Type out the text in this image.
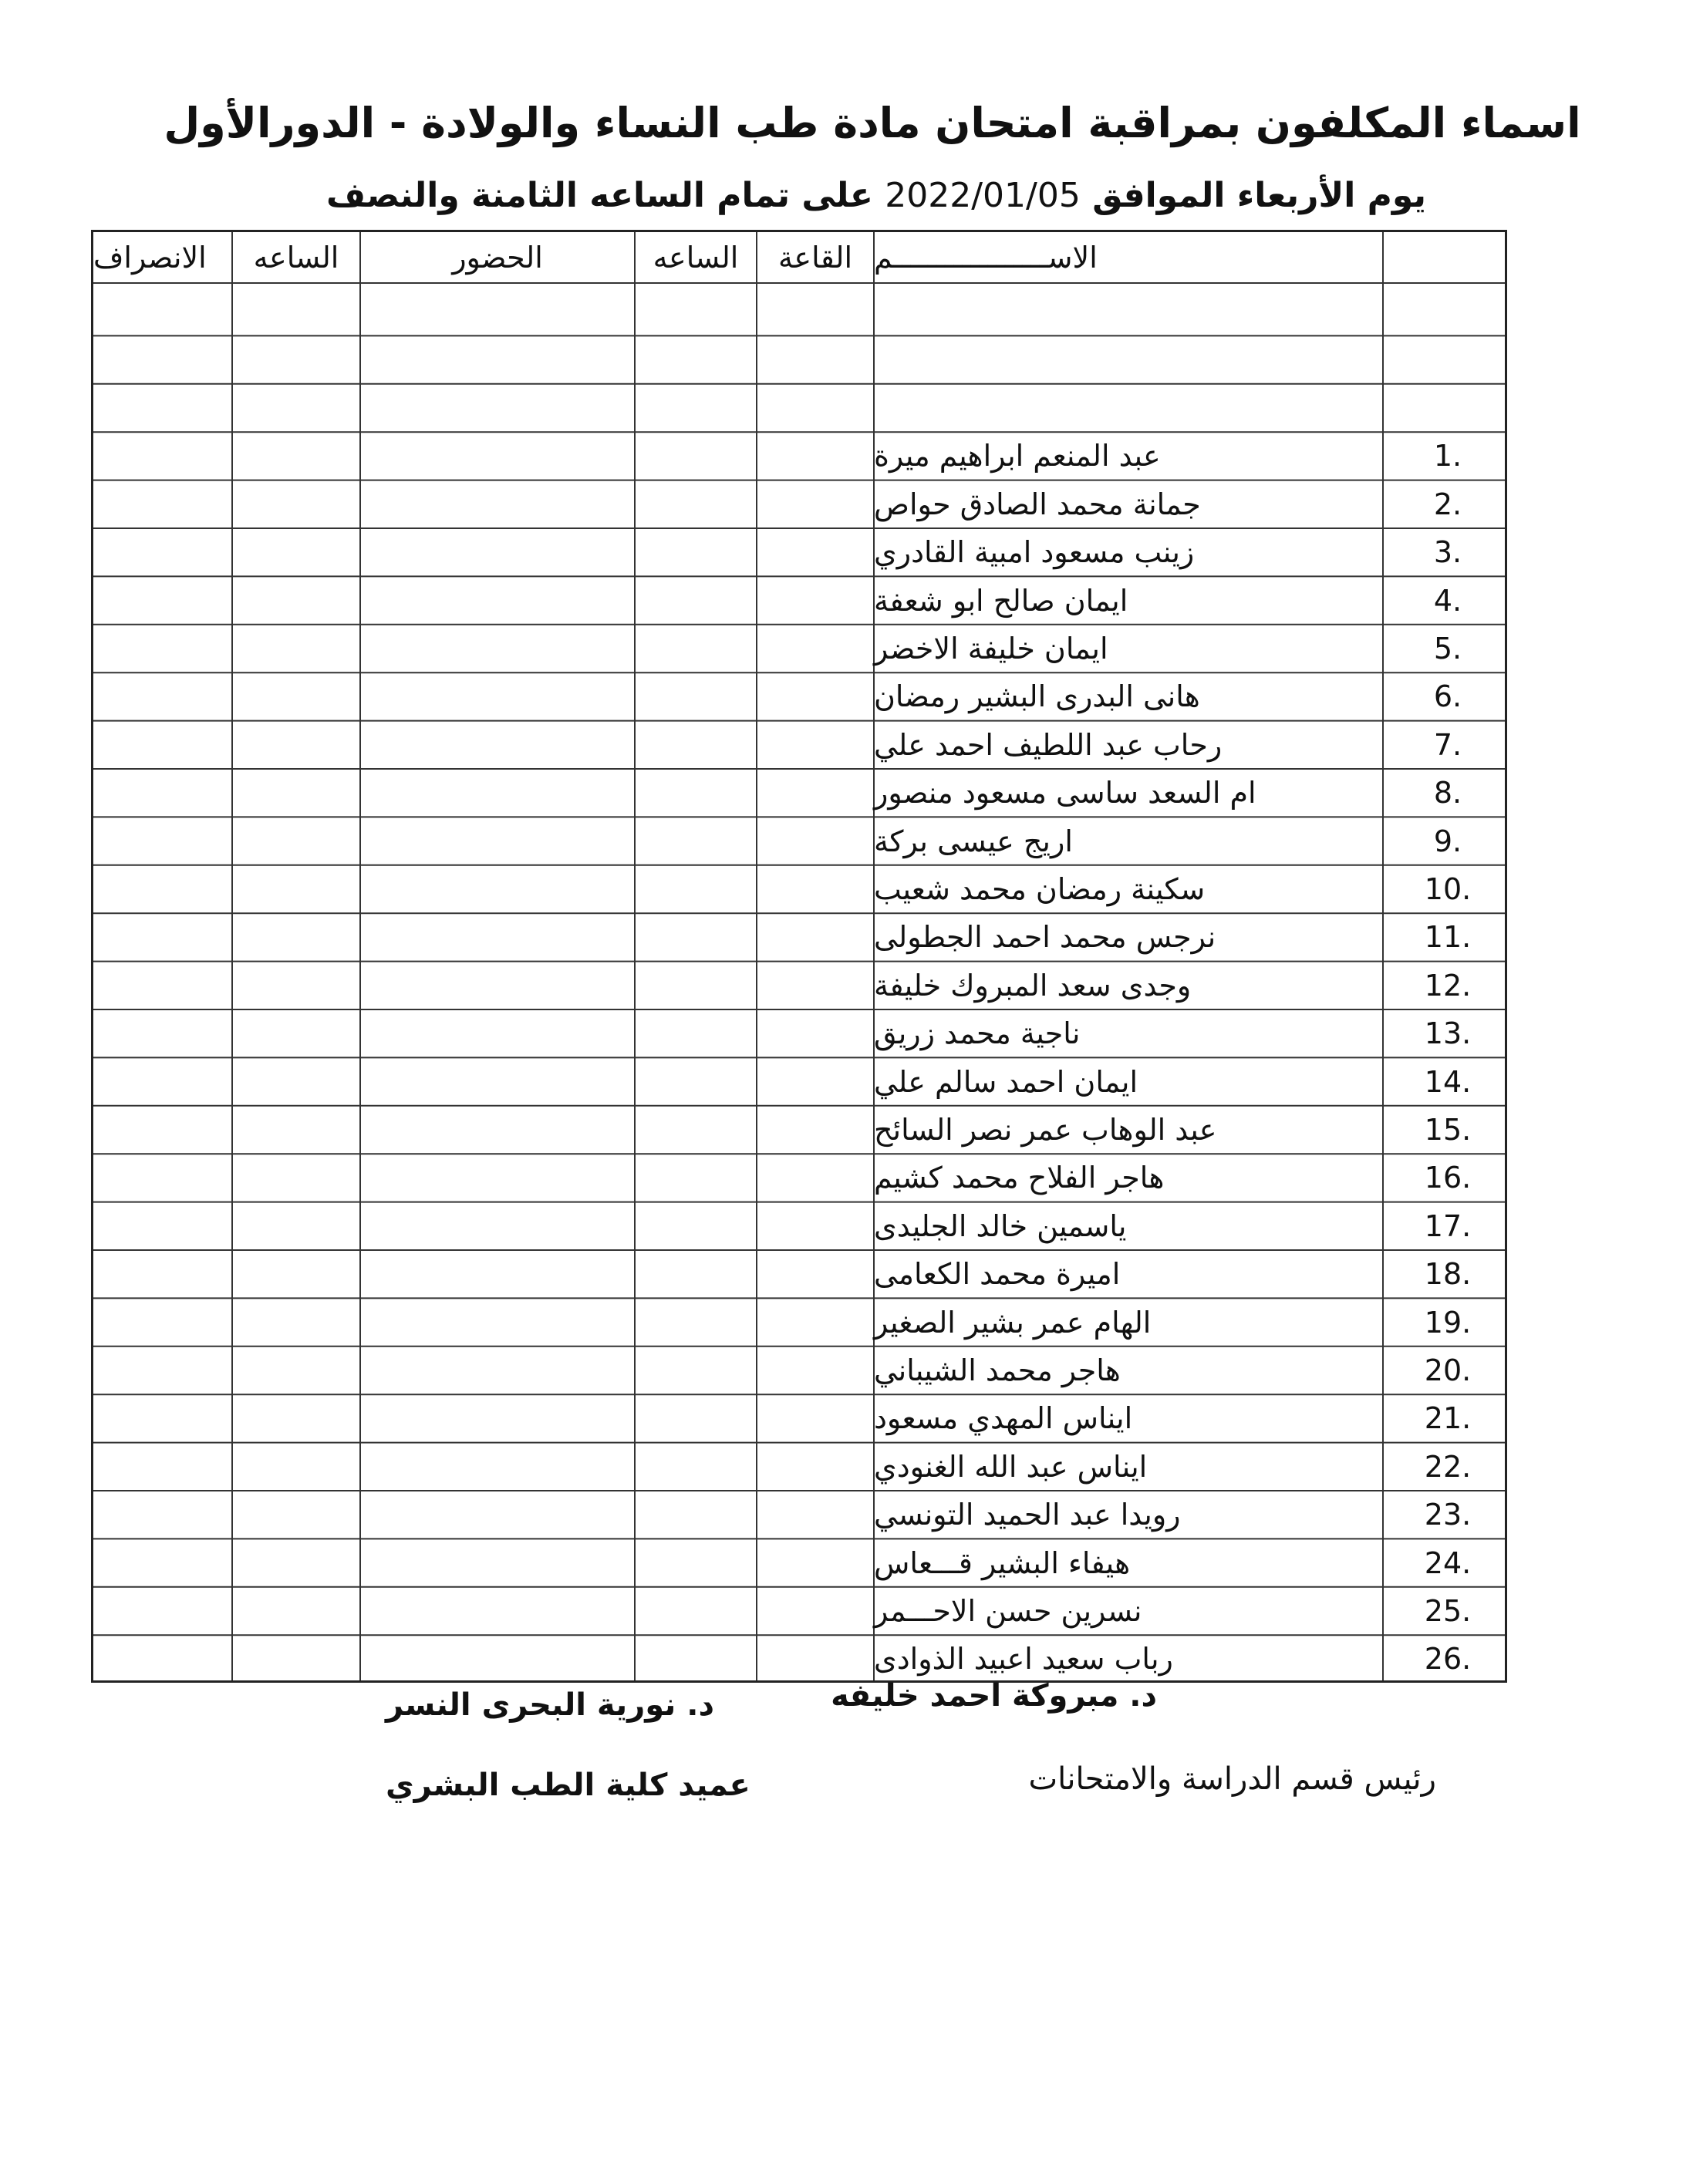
اسماء المكلفون بمراقبة امتحان مادة طب النساء والولادة - الدورالأول
يوم الأربعاء الموافق 2022/01/05 على تمام الساعه الثامنة والنصف
الاســــــــــــــــــم
القاعة
الساعه
الحضور
الساعه
الانصراف
1.
عبد المنعم ابراهيم ميرة
2.
جمانة محمد الصادق حواص
3.
زينب مسعود امبية القادري
4.
ايمان صالح ابو شعفة
5.
ايمان خليفة الاخضر
6.
هانى البدرى البشير رمضان
7.
رحاب عبد اللطيف احمد علي
8.
ام السعد ساسى مسعود منصور
9.
اريج عيسى بركة
10.
سكينة رمضان محمد شعيب
11.
نرجس محمد احمد الجطولى
12.
وجدى سعد المبروك خليفة
13.
ناجية محمد زريق
14.
ايمان احمد سالم علي
15.
عبد الوهاب عمر نصر السائح
16.
هاجر الفلاح محمد كشيم
17.
ياسمين خالد الجليدى
18.
اميرة محمد الكعامى
19.
الهام عمر بشير الصغير
20.
هاجر محمد الشيباني
21.
ايناس المهدي مسعود
22.
ايناس عبد الله الغنودي
23.
رويدا عبد الحميد التونسي
24.
هيفاء البشير قـــعاس
25.
نسرين حسن الاحـــمر
26.
رباب سعيد اعبيد الذوادى
د. مبروكة احمد خليفه
رئيس قسم الدراسة والامتحانات
د. نورية البحرى النسر
عميد كلية الطب البشري
